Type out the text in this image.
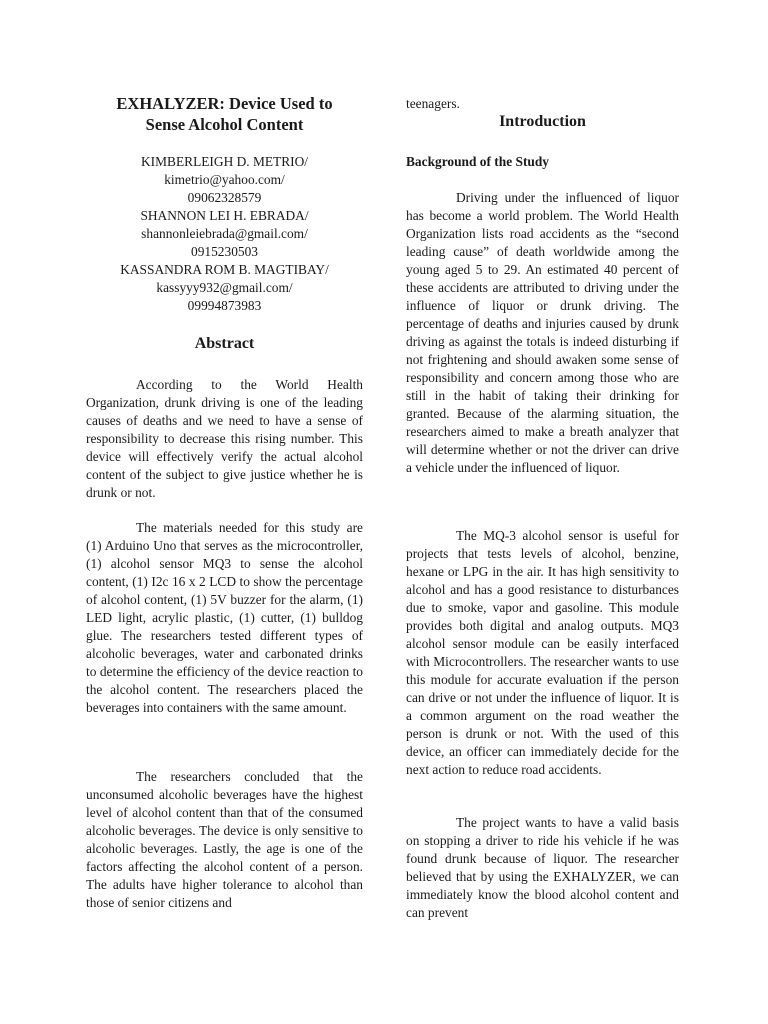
EXHALYZER: Device Used to
Sense Alcohol Content
KIMBERLEIGH D. METRIO/
kimetrio@yahoo.com/
09062328579
SHANNON LEI H. EBRADA/
shannonleiebrada@gmail.com/
0915230503
KASSANDRA ROM B. MAGTIBAY/
kassyyy932@gmail.com/
09994873983
Abstract

According to the World Health Organization, drunk driving is one of the leading causes of deaths and we need to have a sense of responsibility to decrease this rising number. This device will effectively verify the actual alcohol content of the subject to give justice whether he is drunk or not.

The materials needed for this study are (1) Arduino Uno that serves as the microcontroller, (1) alcohol sensor MQ3 to sense the alcohol content, (1) I2c 16 x 2 LCD to show the percentage of alcohol content, (1) 5V buzzer for the alarm, (1) LED light, acrylic plastic, (1) cutter, (1) bulldog glue. The researchers tested different types of alcoholic beverages, water and carbonated drinks to determine the efficiency of the device reaction to the alcohol content. The researchers placed the beverages into containers with the same amount.

The researchers concluded that the unconsumed alcoholic beverages have the highest level of alcohol content than that of the consumed alcoholic beverages. The device is only sensitive to alcoholic beverages. Lastly, the age is one of the factors affecting the alcohol content of a person. The adults have higher tolerance to alcohol than those of senior citizens and

teenagers.
Introduction
Background of the Study

Driving under the influenced of liquor has become a world problem. The World Health Organization lists road accidents as the “second leading cause” of death worldwide among the young aged 5 to 29. An estimated 40 percent of these accidents are attributed to driving under the influence of liquor or drunk driving. The percentage of deaths and injuries caused by drunk driving as against the totals is indeed disturbing if not frightening and should awaken some sense of responsibility and concern among those who are still in the habit of taking their drinking for granted. Because of the alarming situation, the researchers aimed to make a breath analyzer that will determine whether or not the driver can drive a vehicle under the influenced of liquor.

The MQ-3 alcohol sensor is useful for projects that tests levels of alcohol, benzine, hexane or LPG in the air. It has high sensitivity to alcohol and has a good resistance to disturbances due to smoke, vapor and gasoline. This module provides both digital and analog outputs. MQ3 alcohol sensor module can be easily interfaced with Microcontrollers. The researcher wants to use this module for accurate evaluation if the person can drive or not under the influence of liquor. It is a common argument on the road weather the person is drunk or not. With the used of this device, an officer can immediately decide for the next action to reduce road accidents.

The project wants to have a valid basis on stopping a driver to ride his vehicle if he was found drunk because of liquor. The researcher believed that by using the EXHALYZER, we can immediately know the blood alcohol content and can prevent
